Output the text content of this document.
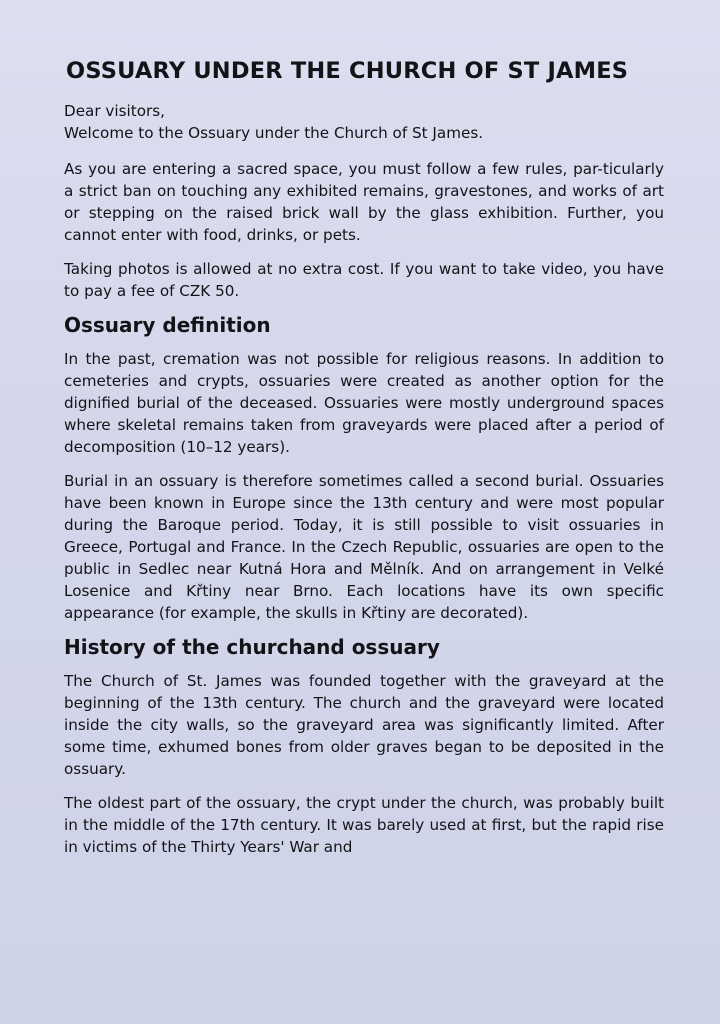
OSSUARY UNDER THE CHURCH OF ST JAMES

Dear visitors,

Welcome to the Ossuary under the Church of St James.

As you are entering a sacred space, you must follow a few rules, par-ticularly a strict ban on touching any exhibited remains, gravestones, and works of art or stepping on the raised brick wall by the glass exhibition. Further, you cannot enter with food, drinks, or pets.

Taking photos is allowed at no extra cost. If you want to take video, you have to pay a fee of CZK 50.

Ossuary definition

In the past, cremation was not possible for religious reasons. In addition to cemeteries and crypts, ossuaries were created as another option for the dignified burial of the deceased. Ossuaries were mostly underground spaces where skeletal remains taken from graveyards were placed after a period of decomposition (10–12 years).

Burial in an ossuary is therefore sometimes called a second burial. Ossuaries have been known in Europe since the 13th century and were most popular during the Baroque period. Today, it is still possible to visit ossuaries in Greece, Portugal and France. In the Czech Republic, ossuaries are open to the public in Sedlec near Kutná Hora and Mělník. And on arrangement in Velké Losenice and Křtiny near Brno. Each locations have its own specific appearance (for example, the skulls in Křtiny are decorated).

History of the churchand ossuary

The Church of St. James was founded together with the graveyard at the beginning of the 13th century. The church and the graveyard were located inside the city walls, so the graveyard area was significantly limited. After some time, exhumed bones from older graves began to be deposited in the ossuary.

The oldest part of the ossuary, the crypt under the church, was probably built in the middle of the 17th century. It was barely used at first, but the rapid rise in victims of the Thirty Years' War and
